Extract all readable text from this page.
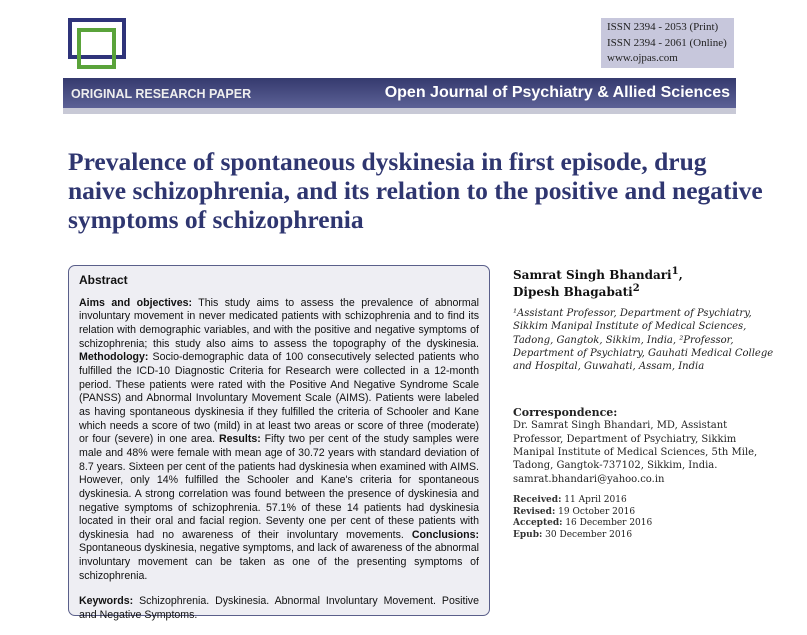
ISSN 2394 - 2053 (Print)
ISSN 2394 - 2061 (Online)
www.ojpas.com
ORIGINAL RESEARCH PAPER	Open Journal of Psychiatry & Allied Sciences
Prevalence of spontaneous dyskinesia in first episode, drug naive schizophrenia, and its relation to the positive and negative symptoms of schizophrenia
Abstract

Aims and objectives: This study aims to assess the prevalence of abnormal involuntary movement in never medicated patients with schizophrenia and to find its relation with demographic variables, and with the positive and negative symptoms of schizophrenia; this study also aims to assess the topography of the dyskinesia. Methodology: Socio-demographic data of 100 consecutively selected patients who fulfilled the ICD-10 Diagnostic Criteria for Research were collected in a 12-month period. These patients were rated with the Positive And Negative Syndrome Scale (PANSS) and Abnormal Involuntary Movement Scale (AIMS). Patients were labeled as having spontaneous dyskinesia if they fulfilled the criteria of Schooler and Kane which needs a score of two (mild) in at least two areas or score of three (moderate) or four (severe) in one area. Results: Fifty two per cent of the study samples were male and 48% were female with mean age of 30.72 years with standard deviation of 8.7 years. Sixteen per cent of the patients had dyskinesia when examined with AIMS. However, only 14% fulfilled the Schooler and Kane's criteria for spontaneous dyskinesia. A strong correlation was found between the presence of dyskinesia and negative symptoms of schizophrenia. 57.1% of these 14 patients had dyskinesia located in their oral and facial region. Seventy one per cent of these patients with dyskinesia had no awareness of their involuntary movements. Conclusions: Spontaneous dyskinesia, negative symptoms, and lack of awareness of the abnormal involuntary movement can be taken as one of the presenting symptoms of schizophrenia.

Keywords: Schizophrenia. Dyskinesia. Abnormal Involuntary Movement. Positive and Negative Symptoms.

Samrat Singh Bhandari$^1$,
Dipesh Bhagabati$^2$
¹Assistant Professor, Department of Psychiatry, Sikkim Manipal Institute of Medical Sciences, Tadong, Gangtok, Sikkim, India, ²Professor, Department of Psychiatry, Gauhati Medical College and Hospital, Guwahati, Assam, India
Correspondence:
Dr. Samrat Singh Bhandari, MD, Assistant Professor, Department of Psychiatry, Sikkim Manipal Institute of Medical Sciences, 5th Mile, Tadong, Gangtok-737102, Sikkim, India.
samrat.bhandari@yahoo.co.in
Received: 11 April 2016
Revised: 19 October 2016
Accepted: 16 December 2016
Epub: 30 December 2016
